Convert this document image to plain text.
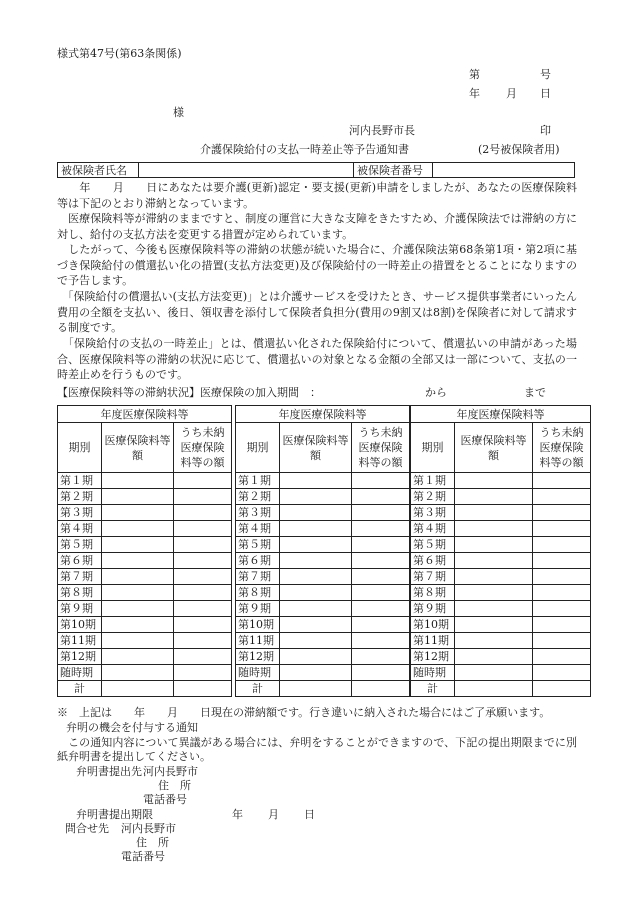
様式第47号(第63条関係)
第	号
年 月 日
様
河内長野市長	印
介護保険給付の支払一時差止等予告通知書	(2号被保険者用)
被保険者氏名		被保険者番号	
　　年　　月　　日にあなたは要介護(更新)認定・要支援(更新)申請をしましたが、あなたの医療保険料等は下記のとおり滞納となっています。
　医療保険料等が滞納のままですと、制度の運営に大きな支障をきたすため、介護保険法では滞納の方に対し、給付の支払方法を変更する措置が定められています。
　したがって、今後も医療保険料等の滞納の状態が続いた場合に、介護保険法第68条第1項・第2項に基づき保険給付の償還払い化の措置(支払方法変更)及び保険給付の一時差止の措置をとることになりますので予告します。
　「保険給付の償還払い(支払方法変更)」とは介護サービスを受けたとき、サービス提供事業者にいったん費用の全額を支払い、後日、領収書を添付して保険者負担分(費用の9割又は8割)を保険者に対して請求する制度です。
　「保険給付の支払の一時差止」とは、償還払い化された保険給付について、償還払いの申請があった場合、医療保険料等の滞納の状況に応じて、償還払いの対象となる金額の全部又は一部について、支払の一時差止めを行うものです。
【医療保険料等の滞納状況】医療保険の加入期間　：	から	まで
年度医療保険料等		
期別	医療保険料等額	うち未納医療保険料等の額
第１期		
第２期		
第３期		
第４期		
第５期		
第６期		
第７期		
第８期		
第９期		
第10期		
第11期		
第12期		
随時期		
計		
年度医療保険料等		
期別	医療保険料等額	うち未納医療保険料等の額
第１期		
第２期		
第３期		
第４期		
第５期		
第６期		
第７期		
第８期		
第９期		
第10期		
第11期		
第12期		
随時期		
計		
年度医療保険料等		
期別	医療保険料等額	うち未納医療保険料等の額
第１期		
第２期		
第３期		
第４期		
第５期		
第６期		
第７期		
第８期		
第９期		
第10期		
第11期		
第12期		
随時期		
計		
※　上記は　　年　　月　　日現在の滞納額です。行き違いに納入された場合にはご了承願います。
弁明の機会を付与する通知
　この通知内容について異議がある場合には、弁明をすることができますので、下記の提出期限までに別紙弁明書を提出してください。
弁明書提出先 河内長野市
住　所
電話番号
弁明書提出期限	年 月 日
問合せ先 河内長野市
住　所
電話番号
